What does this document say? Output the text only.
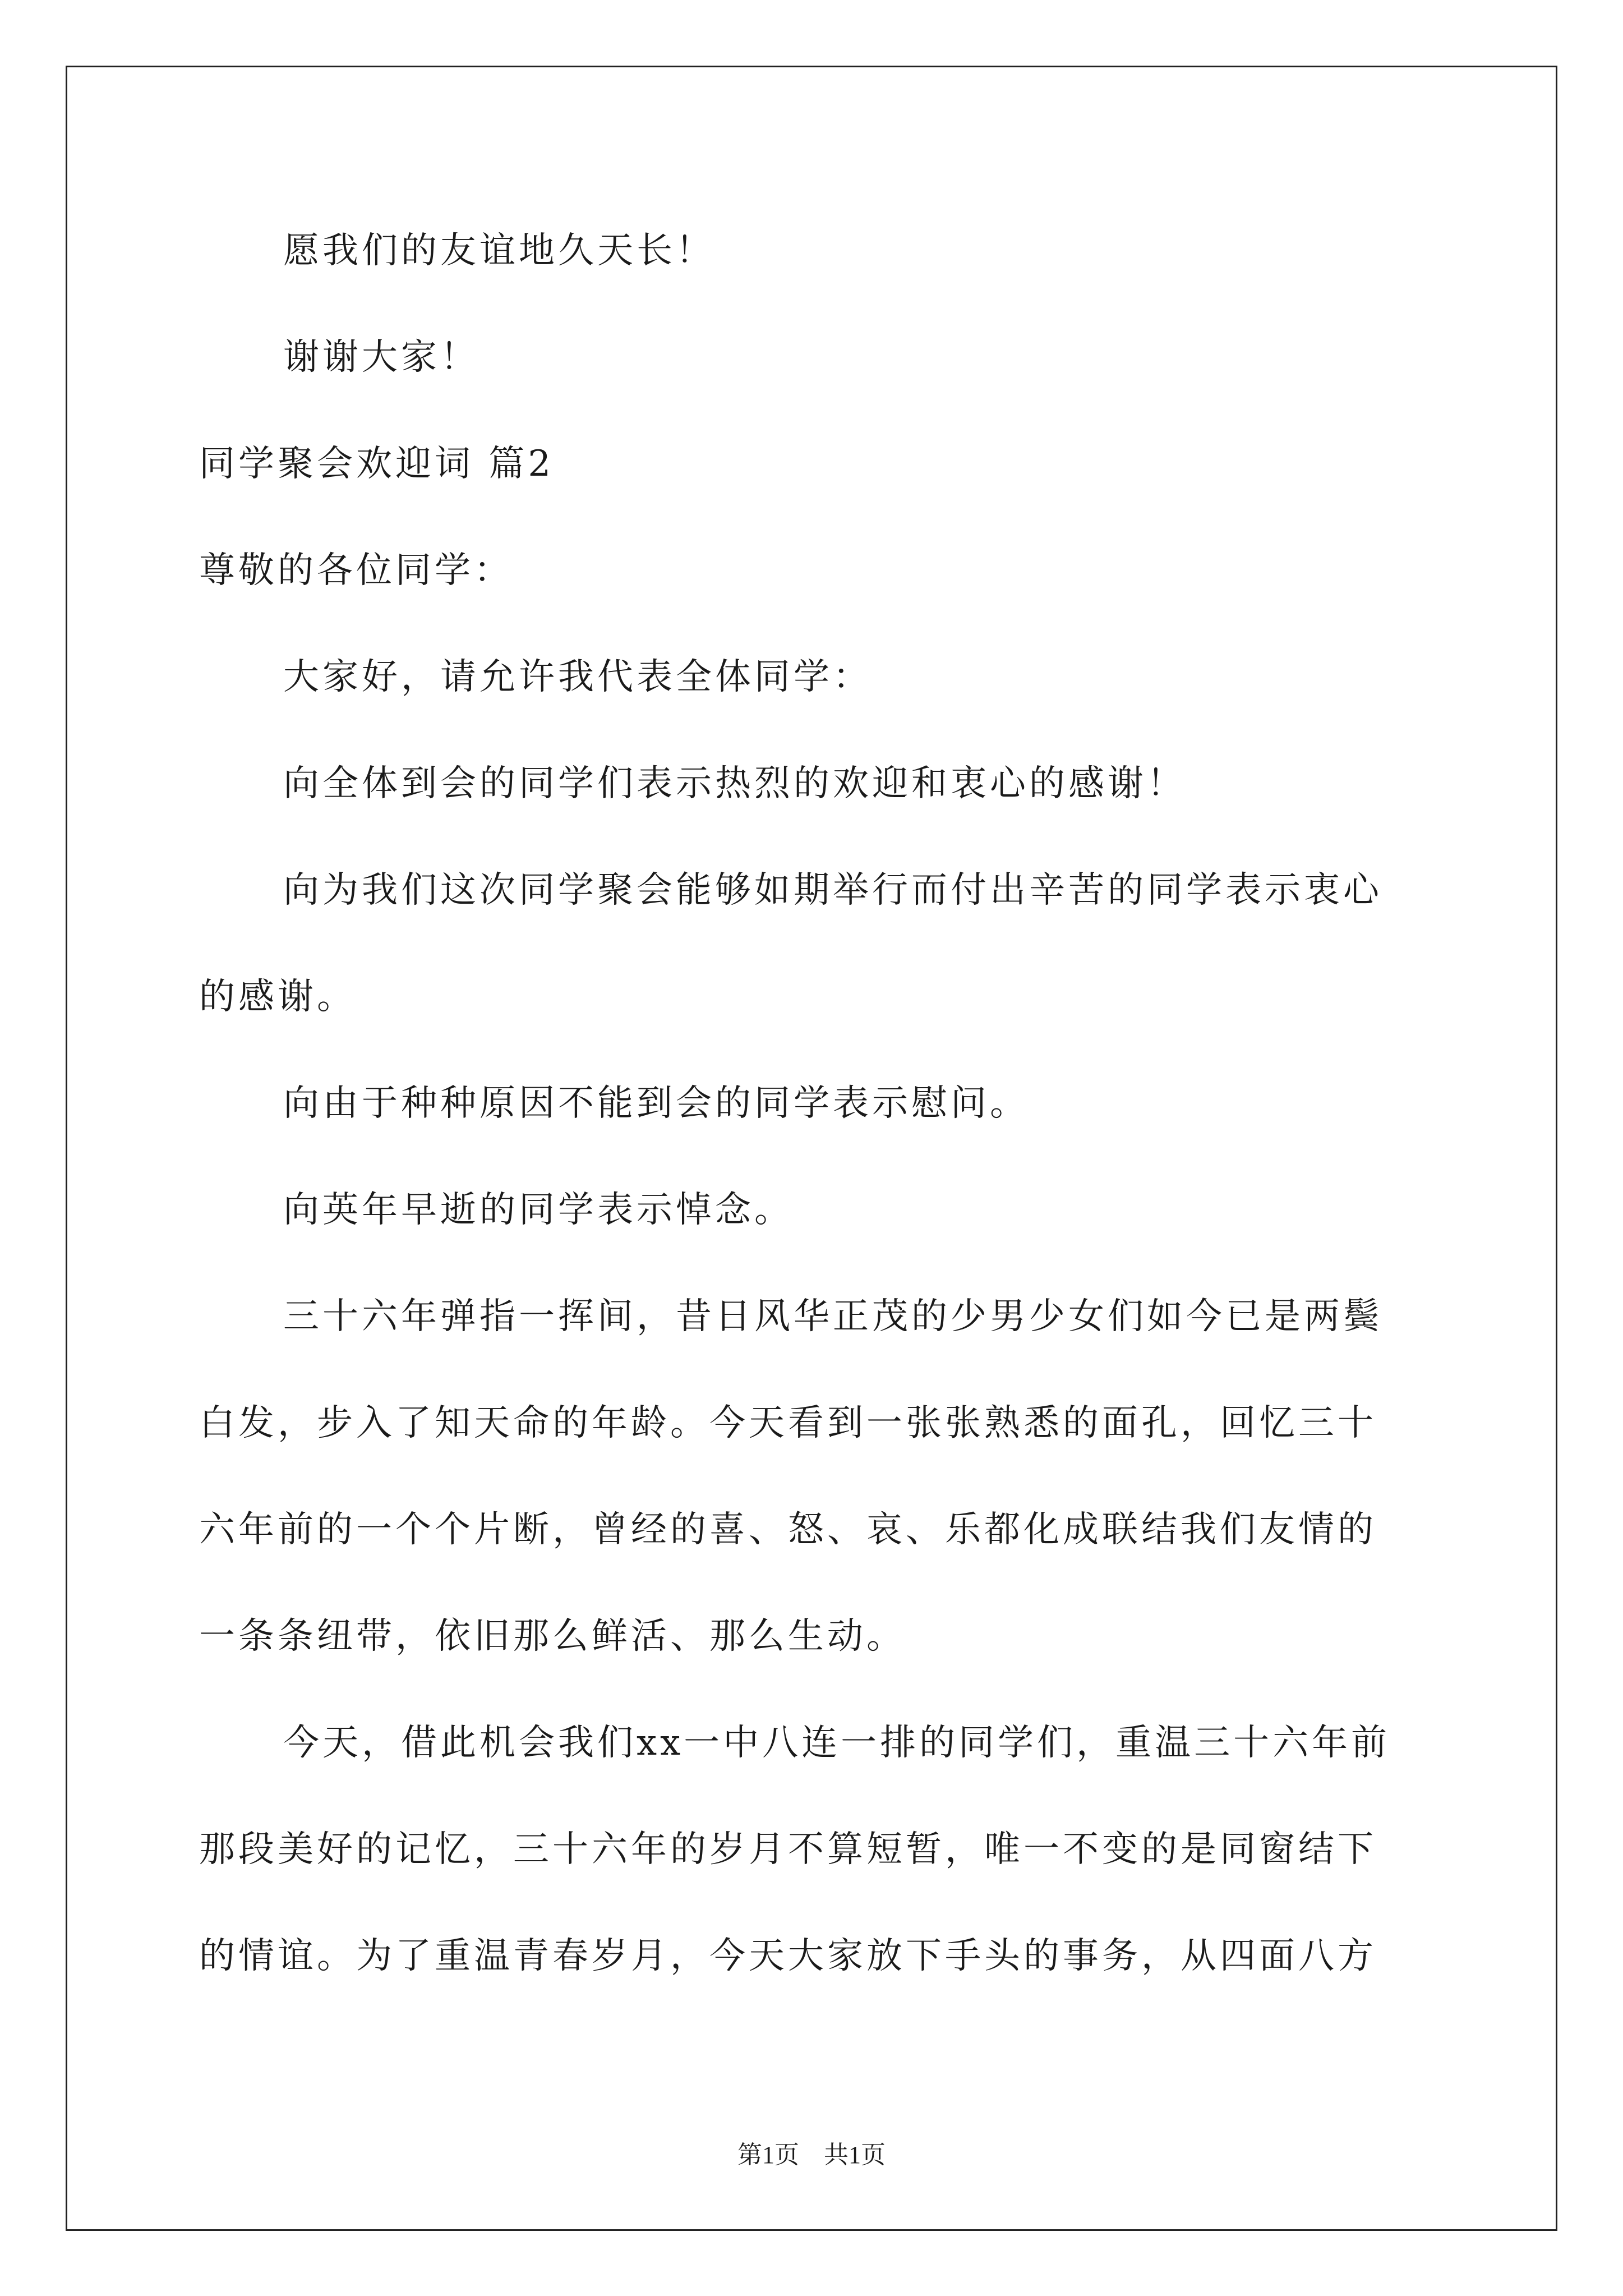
愿我们的友谊地久天长！
谢谢大家！
同学聚会欢迎词 篇2
尊敬的各位同学：
大家好，请允许我代表全体同学：
向全体到会的同学们表示热烈的欢迎和衷心的感谢！
向为我们这次同学聚会能够如期举行而付出辛苦的同学表示衷心
的感谢。
向由于种种原因不能到会的同学表示慰问。
向英年早逝的同学表示悼念。
三十六年弹指一挥间，昔日风华正茂的少男少女们如今已是两鬓
白发，步入了知天命的年龄。今天看到一张张熟悉的面孔，回忆三十
六年前的一个个片断，曾经的喜、怒、哀、乐都化成联结我们友情的
一条条纽带，依旧那么鲜活、那么生动。
今天，借此机会我们xx一中八连一排的同学们，重温三十六年前
那段美好的记忆，三十六年的岁月不算短暂，唯一不变的是同窗结下
的情谊。为了重温青春岁月，今天大家放下手头的事务，从四面八方
第1页　共1页
